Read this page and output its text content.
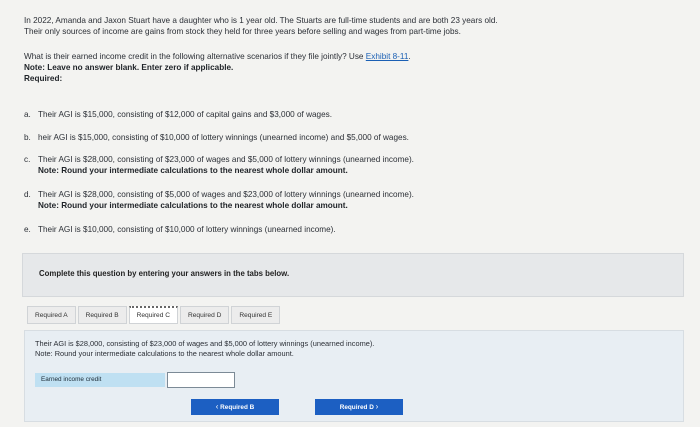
In 2022, Amanda and Jaxon Stuart have a daughter who is 1 year old. The Stuarts are full-time students and are both 23 years old.
Their only sources of income are gains from stock they held for three years before selling and wages from part-time jobs.
What is their earned income credit in the following alternative scenarios if they file jointly? Use Exhibit 8-11.
Note: Leave no answer blank. Enter zero if applicable.
Required:
a. Their AGI is $15,000, consisting of $12,000 of capital gains and $3,000 of wages.
b. heir AGI is $15,000, consisting of $10,000 of lottery winnings (unearned income) and $5,000 of wages.
c. Their AGI is $28,000, consisting of $23,000 of wages and $5,000 of lottery winnings (unearned income).
Note: Round your intermediate calculations to the nearest whole dollar amount.
d. Their AGI is $28,000, consisting of $5,000 of wages and $23,000 of lottery winnings (unearned income).
Note: Round your intermediate calculations to the nearest whole dollar amount.
e. Their AGI is $10,000, consisting of $10,000 of lottery winnings (unearned income).
Complete this question by entering your answers in the tabs below.
Required A	Required B	Required C	Required D	Required E
Their AGI is $28,000, consisting of $23,000 of wages and $5,000 of lottery winnings (unearned income).
Note: Round your intermediate calculations to the nearest whole dollar amount.
Earned income credit
‹ Required B	Required D ›
